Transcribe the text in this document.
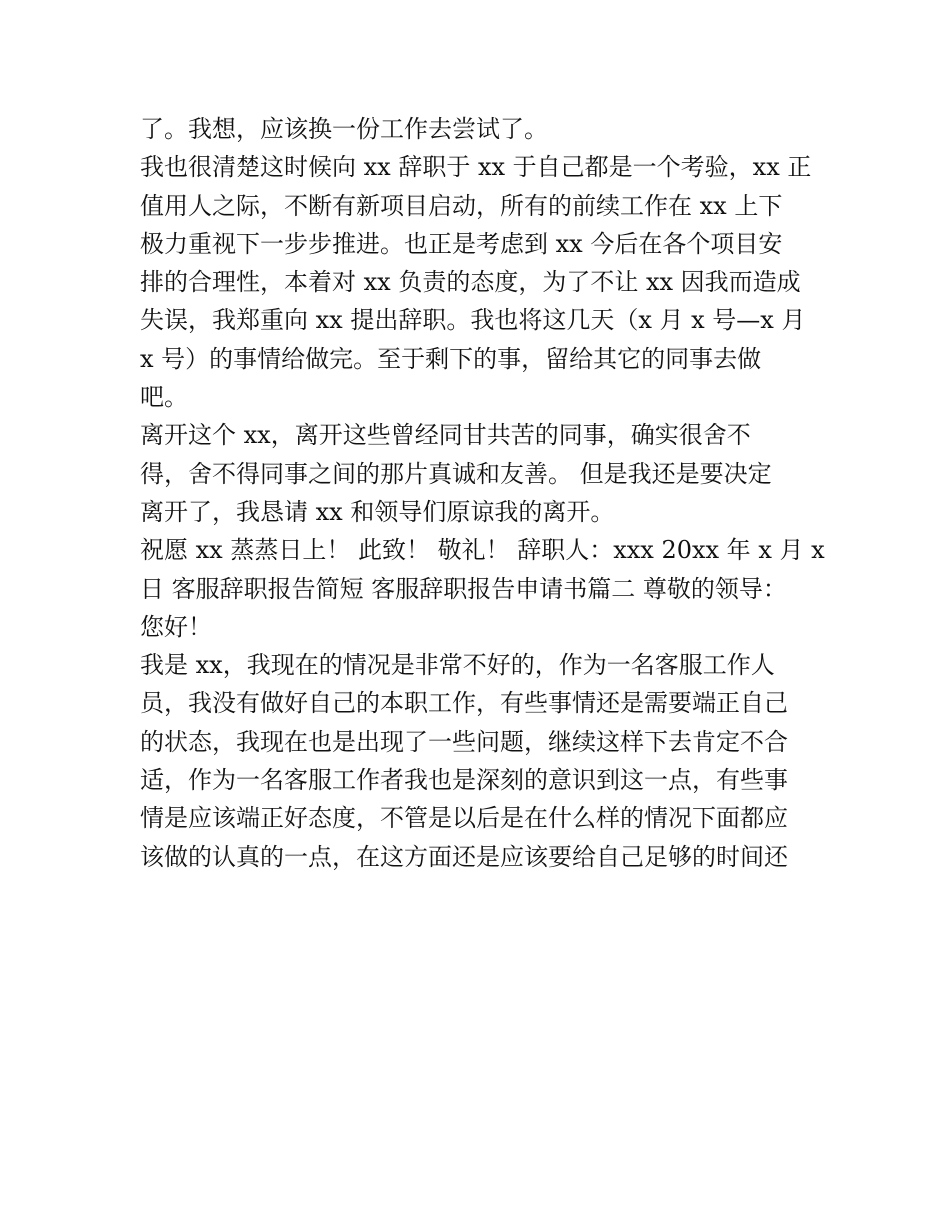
了。我想，应该换一份工作去尝试了。
我也很清楚这时候向 xx 辞职于 xx 于自己都是一个考验，xx 正
值用人之际，不断有新项目启动，所有的前续工作在 xx 上下
极力重视下一步步推进。也正是考虑到 xx 今后在各个项目安
排的合理性，本着对 xx 负责的态度，为了不让 xx 因我而造成
失误，我郑重向 xx 提出辞职。我也将这几天（x 月 x 号—x 月
x 号）的事情给做完。至于剩下的事，留给其它的同事去做
吧。
离开这个 xx，离开这些曾经同甘共苦的同事，确实很舍不
得，舍不得同事之间的那片真诚和友善。 但是我还是要决定
离开了，我恳请 xx 和领导们原谅我的离开。
祝愿 xx 蒸蒸日上！ 此致！ 敬礼！ 辞职人：xxx 20xx 年 x 月 x
日 客服辞职报告简短 客服辞职报告申请书篇二 尊敬的领导：
您好！
我是 xx，我现在的情况是非常不好的，作为一名客服工作人
员，我没有做好自己的本职工作，有些事情还是需要端正自己
的状态，我现在也是出现了一些问题，继续这样下去肯定不合
适，作为一名客服工作者我也是深刻的意识到这一点，有些事
情是应该端正好态度，不管是以后是在什么样的情况下面都应
该做的认真的一点，在这方面还是应该要给自己足够的时间还
